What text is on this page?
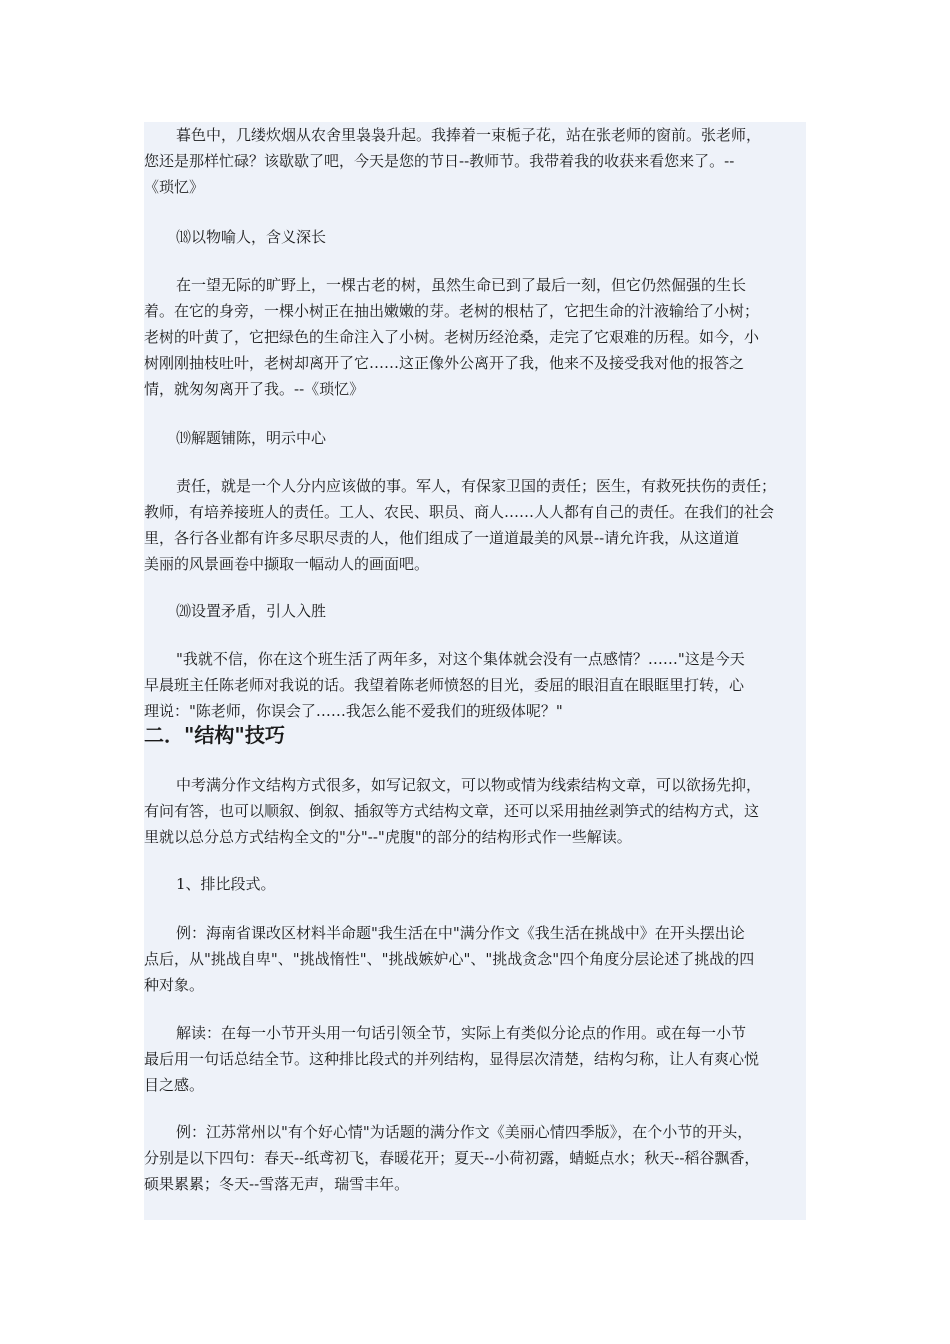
暮色中，几缕炊烟从农舍里袅袅升起。我捧着一束栀子花，站在张老师的窗前。张老师，
您还是那样忙碌？该歇歇了吧，今天是您的节日--教师节。我带着我的收获来看您来了。--
《琐忆》

⒅以物喻人，含义深长

在一望无际的旷野上，一棵古老的树，虽然生命已到了最后一刻，但它仍然倔强的生长
着。在它的身旁，一棵小树正在抽出嫩嫩的芽。老树的根枯了，它把生命的汁液输给了小树；
老树的叶黄了，它把绿色的生命注入了小树。老树历经沧桑，走完了它艰难的历程。如今，小
树刚刚抽枝吐叶，老树却离开了它……这正像外公离开了我，他来不及接受我对他的报答之
情，就匆匆离开了我。--《琐忆》

⒆解题铺陈，明示中心

责任，就是一个人分内应该做的事。军人，有保家卫国的责任；医生，有救死扶伤的责任；
教师，有培养接班人的责任。工人、农民、职员、商人……人人都有自己的责任。在我们的社会
里，各行各业都有许多尽职尽责的人，他们组成了一道道最美的风景--请允许我，从这道道
美丽的风景画卷中撷取一幅动人的画面吧。

⒇设置矛盾，引人入胜

"我就不信，你在这个班生活了两年多，对这个集体就会没有一点感情？……"这是今天
早晨班主任陈老师对我说的话。我望着陈老师愤怒的目光，委屈的眼泪直在眼眶里打转，心
理说："陈老师，你误会了……我怎么能不爱我们的班级体呢？"

二．"结构"技巧

中考满分作文结构方式很多，如写记叙文，可以物或情为线索结构文章，可以欲扬先抑，
有问有答，也可以顺叙、倒叙、插叙等方式结构文章，还可以采用抽丝剥笋式的结构方式，这
里就以总分总方式结构全文的"分"--"虎腹"的部分的结构形式作一些解读。

1、排比段式。

例：海南省课改区材料半命题"我生活在中"满分作文《我生活在挑战中》在开头摆出论
点后，从"挑战自卑"、"挑战惰性"、"挑战嫉妒心"、"挑战贪念"四个角度分层论述了挑战的四
种对象。

解读：在每一小节开头用一句话引领全节，实际上有类似分论点的作用。或在每一小节
最后用一句话总结全节。这种排比段式的并列结构，显得层次清楚，结构匀称，让人有爽心悦
目之感。

例：江苏常州以"有个好心情"为话题的满分作文《美丽心情四季版》，在个小节的开头，
分别是以下四句：春天--纸鸢初飞，春暖花开；夏天--小荷初露，蜻蜓点水；秋天--稻谷飘香，
硕果累累；冬天--雪落无声，瑞雪丰年。
